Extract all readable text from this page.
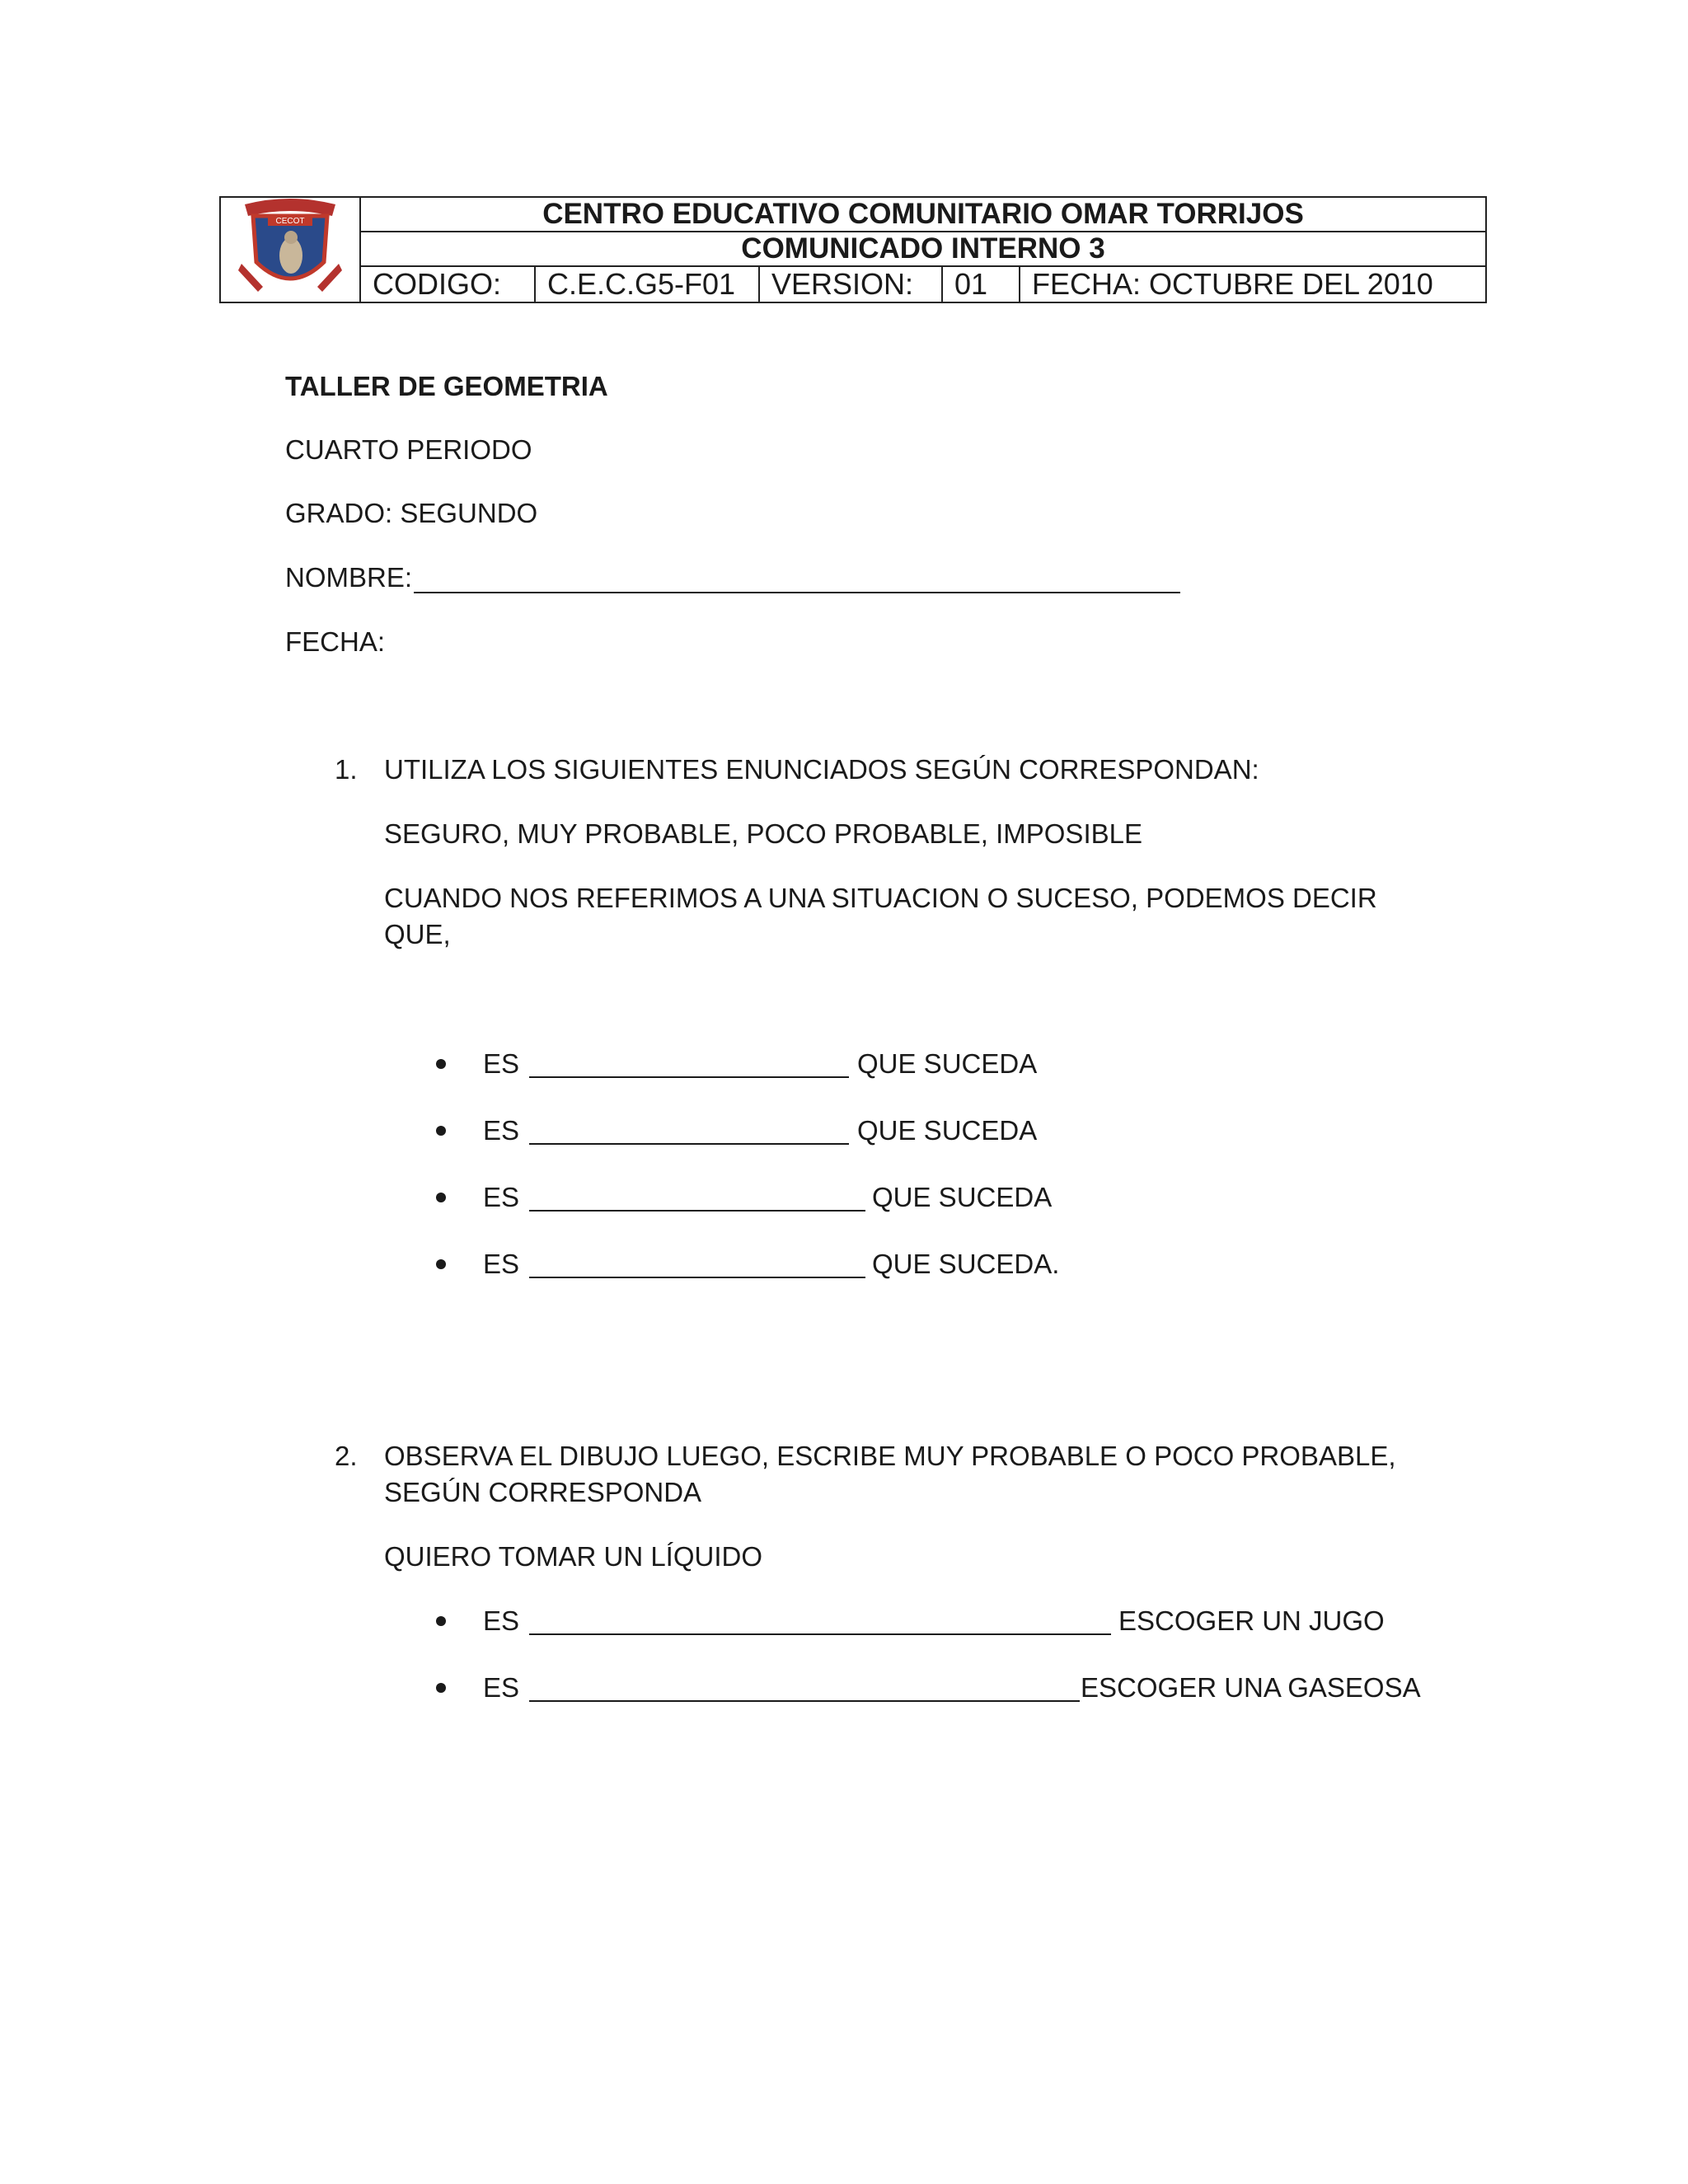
CECOT	CENTRO EDUCATIVO COMUNITARIO OMAR TORRIJOS
COMUNICADO INTERNO 3
CODIGO:	C.E.C.G5-F01	VERSION:	01	FECHA: OCTUBRE DEL 2010
TALLER DE GEOMETRIA
CUARTO PERIODO
GRADO: SEGUNDO
NOMBRE:
FECHA:
1. UTILIZA LOS SIGUIENTES ENUNCIADOS SEGÚN CORRESPONDAN:
SEGURO, MUY PROBABLE, POCO PROBABLE, IMPOSIBLE
CUANDO NOS REFERIMOS A UNA SITUACION O SUCESO, PODEMOS DECIR
QUE,
ES	QUE SUCEDA
ES	QUE SUCEDA
ES	QUE SUCEDA
ES	QUE SUCEDA.
2. OBSERVA EL DIBUJO LUEGO, ESCRIBE MUY PROBABLE O POCO PROBABLE,
SEGÚN CORRESPONDA
QUIERO TOMAR UN LÍQUIDO
ES	ESCOGER UN JUGO
ES	ESCOGER UNA GASEOSA
